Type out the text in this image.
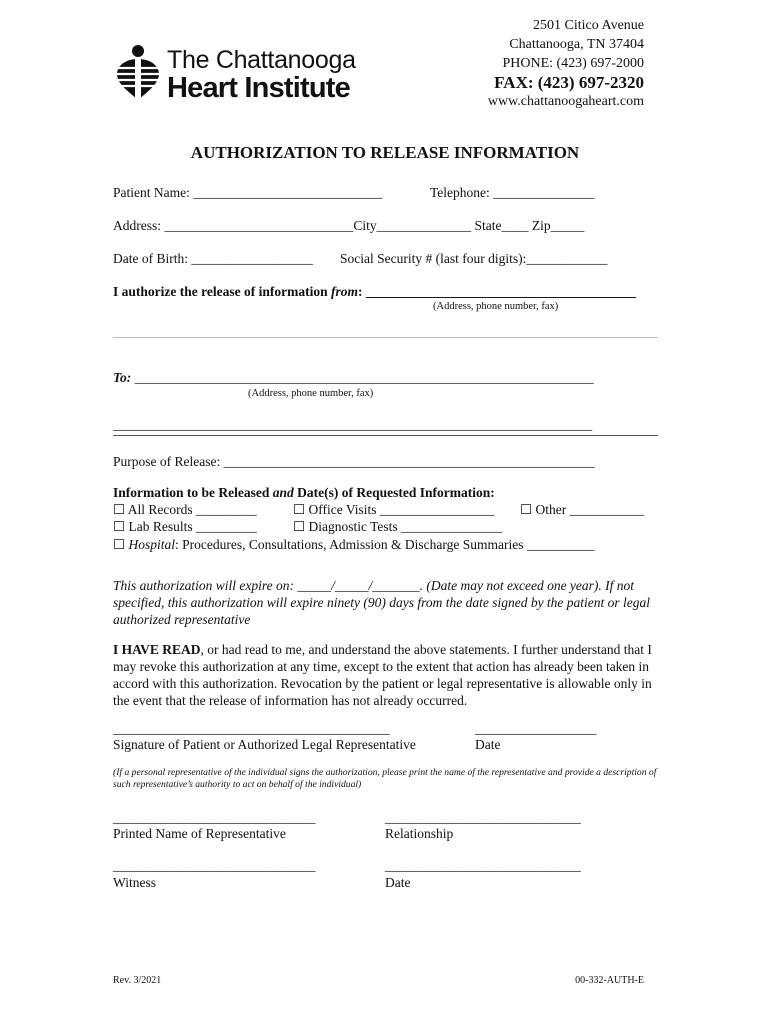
The Chattanooga
Heart Institute
2501 Citico Avenue
Chattanooga, TN 37404
PHONE: (423) 697-2000
FAX: (423) 697-2320
www.chattanoogaheart.com
AUTHORIZATION TO RELEASE INFORMATION
Patient Name: ____________________________	Telephone: _______________
Address: ____________________________City______________ State____ Zip_____
Date of Birth: __________________ Social Security # (last four digits):____________
I authorize the release of information from: ________________________________________
(Address, phone number, fax)
To: ____________________________________________________________________
(Address, phone number, fax)
_______________________________________________________________________
Purpose of Release: _______________________________________________________
Information to be Released and Date(s) of Requested Information:
☐ All Records _________	☐ Office Visits _________________ ☐ Other ___________
☐ Lab Results _________	☐ Diagnostic Tests _______________
☐ Hospital: Procedures, Consultations, Admission & Discharge Summaries __________
This authorization will expire on: _____/_____/_______. (Date may not exceed one year). If not specified, this authorization will expire ninety (90) days from the date signed by the patient or legal authorized representative
I HAVE READ, or had read to me, and understand the above statements. I further understand that I may revoke this authorization at any time, except to the extent that action has already been taken in accord with this authorization. Revocation by the patient or legal representative is allowable only in the event that the release of information has not already occurred.
_________________________________________	__________________
Signature of Patient or Authorized Legal Representative	Date
(If a personal representative of the individual signs the authorization, please print the name of the representative and provide a description of such representative’s authority to act on behalf of the individual)
______________________________	_____________________________
Printed Name of Representative	Relationship
______________________________	_____________________________
Witness	Date
Rev. 3/2021	00-332-AUTH-E
